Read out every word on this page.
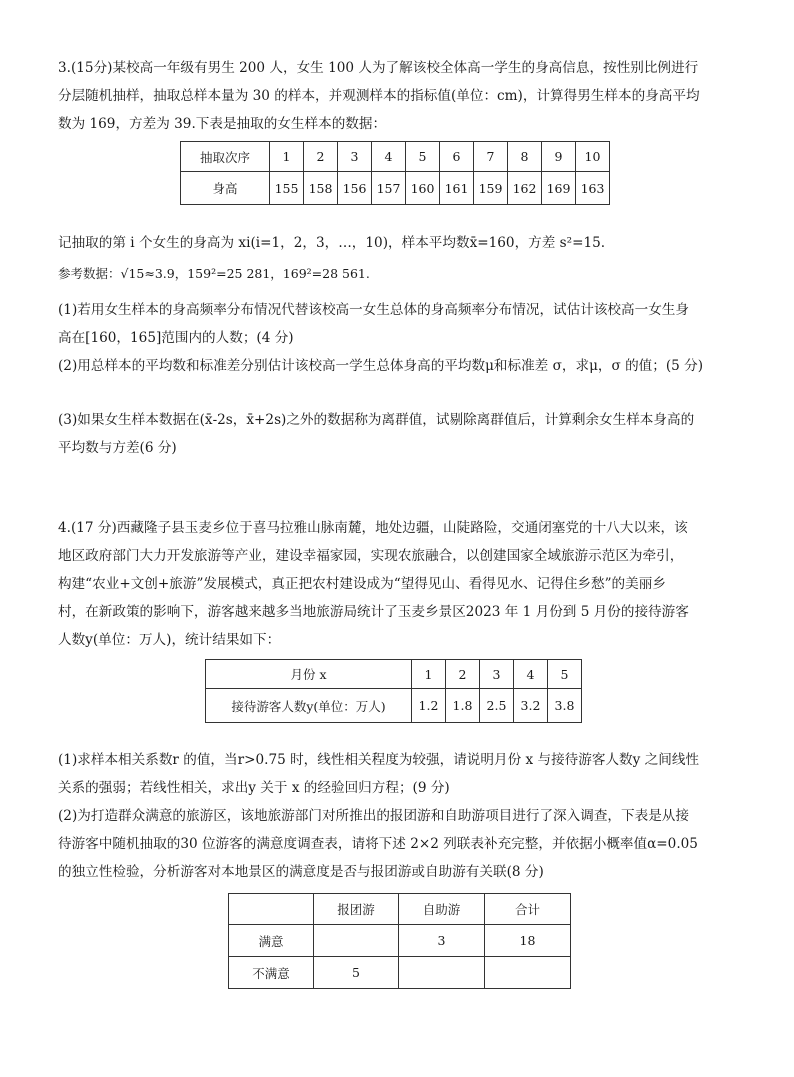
3.(15分)某校高一年级有男生 200 人，女生 100 人为了解该校全体高一学生的身高信息，按性别比例进行
分层随机抽样，抽取总样本量为 30 的样本，并观测样本的指标值(单位：cm)，计算得男生样本的身高平均
数为 169，方差为 39.下表是抽取的女生样本的数据：
抽取次序	1	2	3	4	5	6	7	8	9	10
身高	155	158	156	157	160	161	159	162	169	163
记抽取的第 i 个女生的身高为 xi(i=1，2，3，…，10)，样本平均数x̄=160，方差 s²=15.
参考数据：√15≈3.9，159²=25 281，169²=28 561.
(1)若用女生样本的身高频率分布情况代替该校高一女生总体的身高频率分布情况，试估计该校高一女生身
高在[160，165]范围内的人数；(4 分)
(2)用总样本的平均数和标准差分别估计该校高一学生总体身高的平均数μ和标准差 σ，求μ，σ 的值；(5 分)
(3)如果女生样本数据在(x̄-2s，x̄+2s)之外的数据称为离群值，试剔除离群值后，计算剩余女生样本身高的
平均数与方差(6 分)
4.(17 分)西藏隆子县玉麦乡位于喜马拉雅山脉南麓，地处边疆，山陡路险，交通闭塞党的十八大以来，该
地区政府部门大力开发旅游等产业，建设幸福家园，实现农旅融合，以创建国家全域旅游示范区为牵引，
构建“农业+文创+旅游”发展模式，真正把农村建设成为“望得见山、看得见水、记得住乡愁”的美丽乡
村，在新政策的影响下，游客越来越多当地旅游局统计了玉麦乡景区2023 年 1 月份到 5 月份的接待游客
人数y(单位：万人)，统计结果如下：
月份 x	1	2	3	4	5
接待游客人数y(单位：万人)	1.2	1.8	2.5	3.2	3.8
(1)求样本相关系数r 的值，当r>0.75 时，线性相关程度为较强，请说明月份 x 与接待游客人数y 之间线性
关系的强弱；若线性相关，求出y 关于 x 的经验回归方程；(9 分)
(2)为打造群众满意的旅游区，该地旅游部门对所推出的报团游和自助游项目进行了深入调查，下表是从接
待游客中随机抽取的30 位游客的满意度调查表，请将下述 2×2 列联表补充完整，并依据小概率值α=0.05
的独立性检验，分析游客对本地景区的满意度是否与报团游或自助游有关联(8 分)
	报团游	自助游	合计
满意		3	18
不满意	5		
